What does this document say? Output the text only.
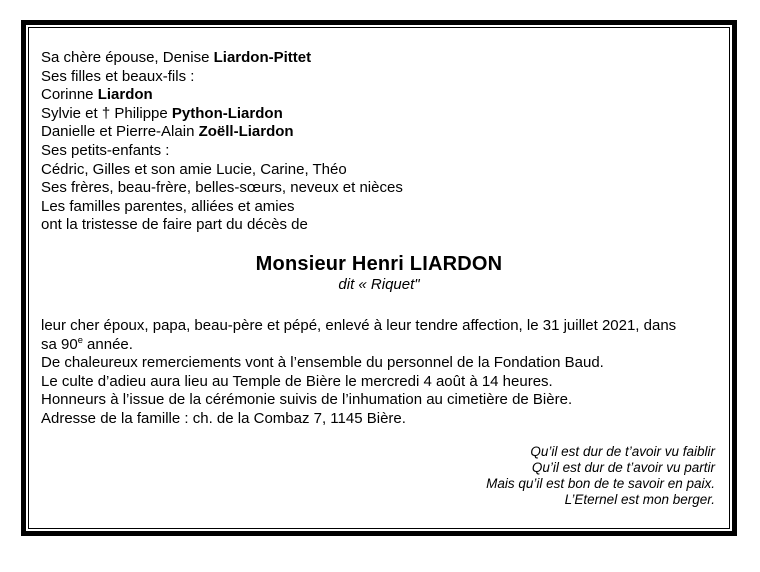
Sa chère épouse, Denise Liardon-Pittet
Ses filles et beaux-fils :
Corinne Liardon
Sylvie et † Philippe Python-Liardon
Danielle et Pierre-Alain Zoëll-Liardon
Ses petits-enfants :
Cédric, Gilles et son amie Lucie, Carine, Théo
Ses frères, beau-frère, belles-sœurs, neveux et nièces
Les familles parentes, alliées et amies
ont la tristesse de faire part du décès de
Monsieur Henri LIARDON
dit « Riquet"
leur cher époux, papa, beau-père et pépé, enlevé à leur tendre affection, le 31 juillet 2021, dans
sa 90e année.
De chaleureux remerciements vont à l’ensemble du personnel de la Fondation Baud.
Le culte d’adieu aura lieu au Temple de Bière le mercredi 4 août à 14 heures.
Honneurs à l’issue de la cérémonie suivis de l’inhumation au cimetière de Bière.
Adresse de la famille : ch. de la Combaz 7, 1145 Bière.
Qu’il est dur de t’avoir vu faiblir
Qu’il est dur de t’avoir vu partir
Mais qu’il est bon de te savoir en paix.
L’Eternel est mon berger.
